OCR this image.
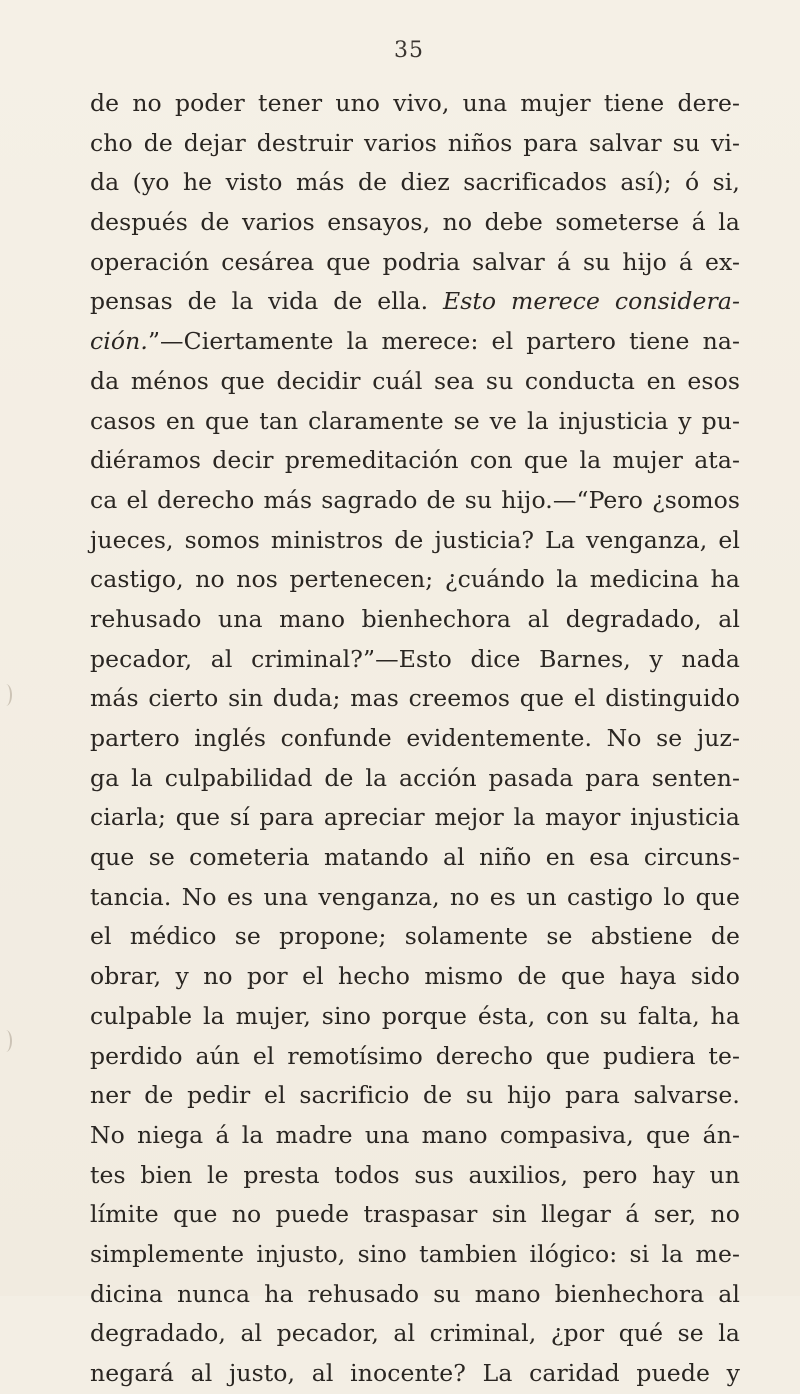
35
de no poder tener uno vivo, una mujer tiene dere-
cho de dejar destruir varios niños para salvar su vi-
da (yo he visto más de diez sacrificados así); ó si,
después de varios ensayos, no debe someterse á la
operación cesárea que podria salvar á su hijo á ex-
pensas de la vida de ella. Esto merece considera-
ción.”—Ciertamente la merece: el partero tiene na-
da ménos que decidir cuál sea su conducta en esos
casos en que tan claramente se ve la injusticia y pu-
diéramos decir premeditación con que la mujer ata-
ca el derecho más sagrado de su hijo.—“Pero ¿somos
jueces, somos ministros de justicia? La venganza, el
castigo, no nos pertenecen; ¿cuándo la medicina ha
rehusado una mano bienhechora al degradado, al
pecador, al criminal?”—Esto dice Barnes, y nada
más cierto sin duda; mas creemos que el distinguido
partero inglés confunde evidentemente. No se juz-
ga la culpabilidad de la acción pasada para senten-
ciarla; que sí para apreciar mejor la mayor injusticia
que se cometeria matando al niño en esa circuns-
tancia. No es una venganza, no es un castigo lo que
el médico se propone; solamente se abstiene de
obrar, y no por el hecho mismo de que haya sido
culpable la mujer, sino porque ésta, con su falta, ha
perdido aún el remotísimo derecho que pudiera te-
ner de pedir el sacrificio de su hijo para salvarse.
No niega á la madre una mano compasiva, que án-
tes bien le presta todos sus auxilios, pero hay un
límite que no puede traspasar sin llegar á ser, no
simplemente injusto, sino tambien ilógico: si la me-
dicina nunca ha rehusado su mano bienhechora al
degradado, al pecador, al criminal, ¿por qué se la
negará al justo, al inocente? La caridad puede y
